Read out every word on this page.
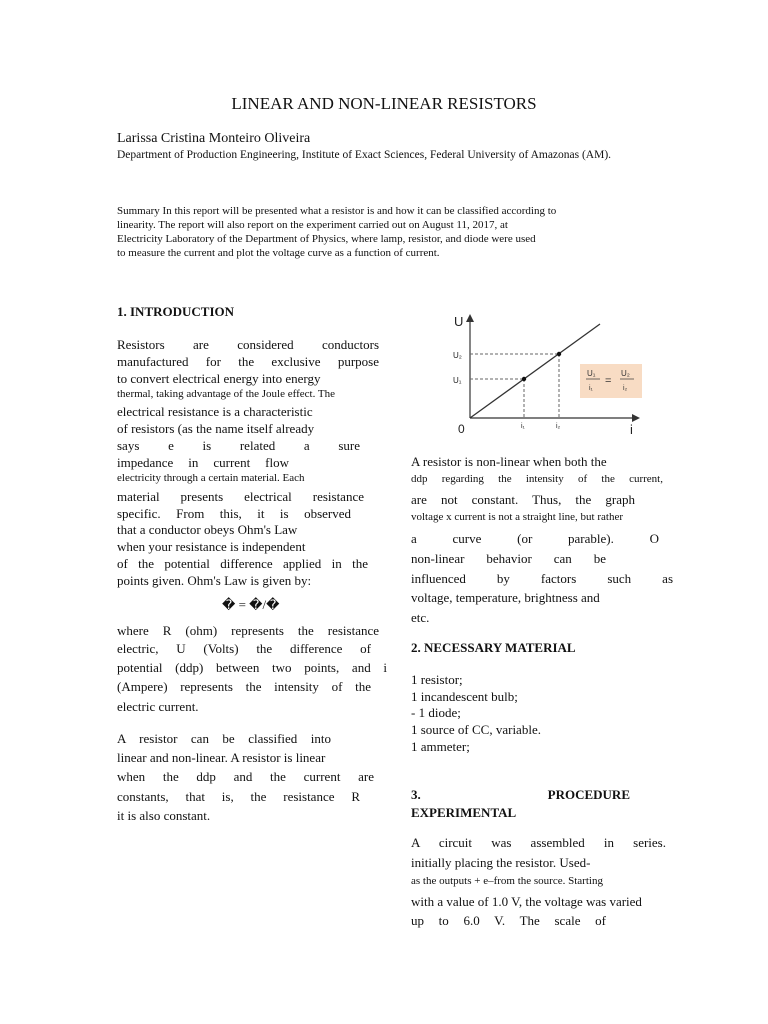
LINEAR AND NON-LINEAR RESISTORS
Larissa Cristina Monteiro Oliveira
Department of Production Engineering, Institute of Exact Sciences, Federal University of Amazonas (AM).
Summary In this report will be presented what a resistor is and how it can be classified according to
linearity. The report will also report on the experiment carried out on August 11, 2017, at
Electricity Laboratory of the Department of Physics, where lamp, resistor, and diode were used
to measure the current and plot the voltage curve as a function of current.
1. INTRODUCTION
Resistors are considered conductors
manufactured for the exclusive purpose
to convert electrical energy into energy
thermal, taking advantage of the Joule effect. The
electrical resistance is a characteristic
of resistors (as the name itself already
says e is related a sure
impedance in current flow
electricity through a certain material. Each
material presents electrical resistance
specific. From this, it is observed
that a conductor obeys Ohm's Law
when your resistance is independent
of the potential difference applied in the
points given. Ohm's Law is given by:
� = �/�
where R (ohm) represents the resistance
electric, U (Volts) the difference of
potential (ddp) between two points, and i
(Ampere) represents the intensity of the
electric current.
A resistor can be classified into
linear and non-linear. A resistor is linear
when the ddp and the current are
constants, that is, the resistance R
it is also constant.
U
i
0
U₂
U₁
i₁	i₂
U₁
i₁
=
U₂
i₂
A resistor is non-linear when both the
ddp regarding the intensity of the current,
are not constant. Thus, the graph
voltage x current is not a straight line, but rather
a curve (or parable). O
non-linear behavior can be
influenced by factors such as
voltage, temperature, brightness and
etc.
2. NECESSARY MATERIAL
1 resistor;
1 incandescent bulb;
- 1 diode;
1 source of CC, variable.
1 ammeter;
3. PROCEDURE
EXPERIMENTAL
A circuit was assembled in series.
initially placing the resistor. Used-
as the outputs + e–from the source. Starting
with a value of 1.0 V, the voltage was varied
up to 6.0 V. The scale of
